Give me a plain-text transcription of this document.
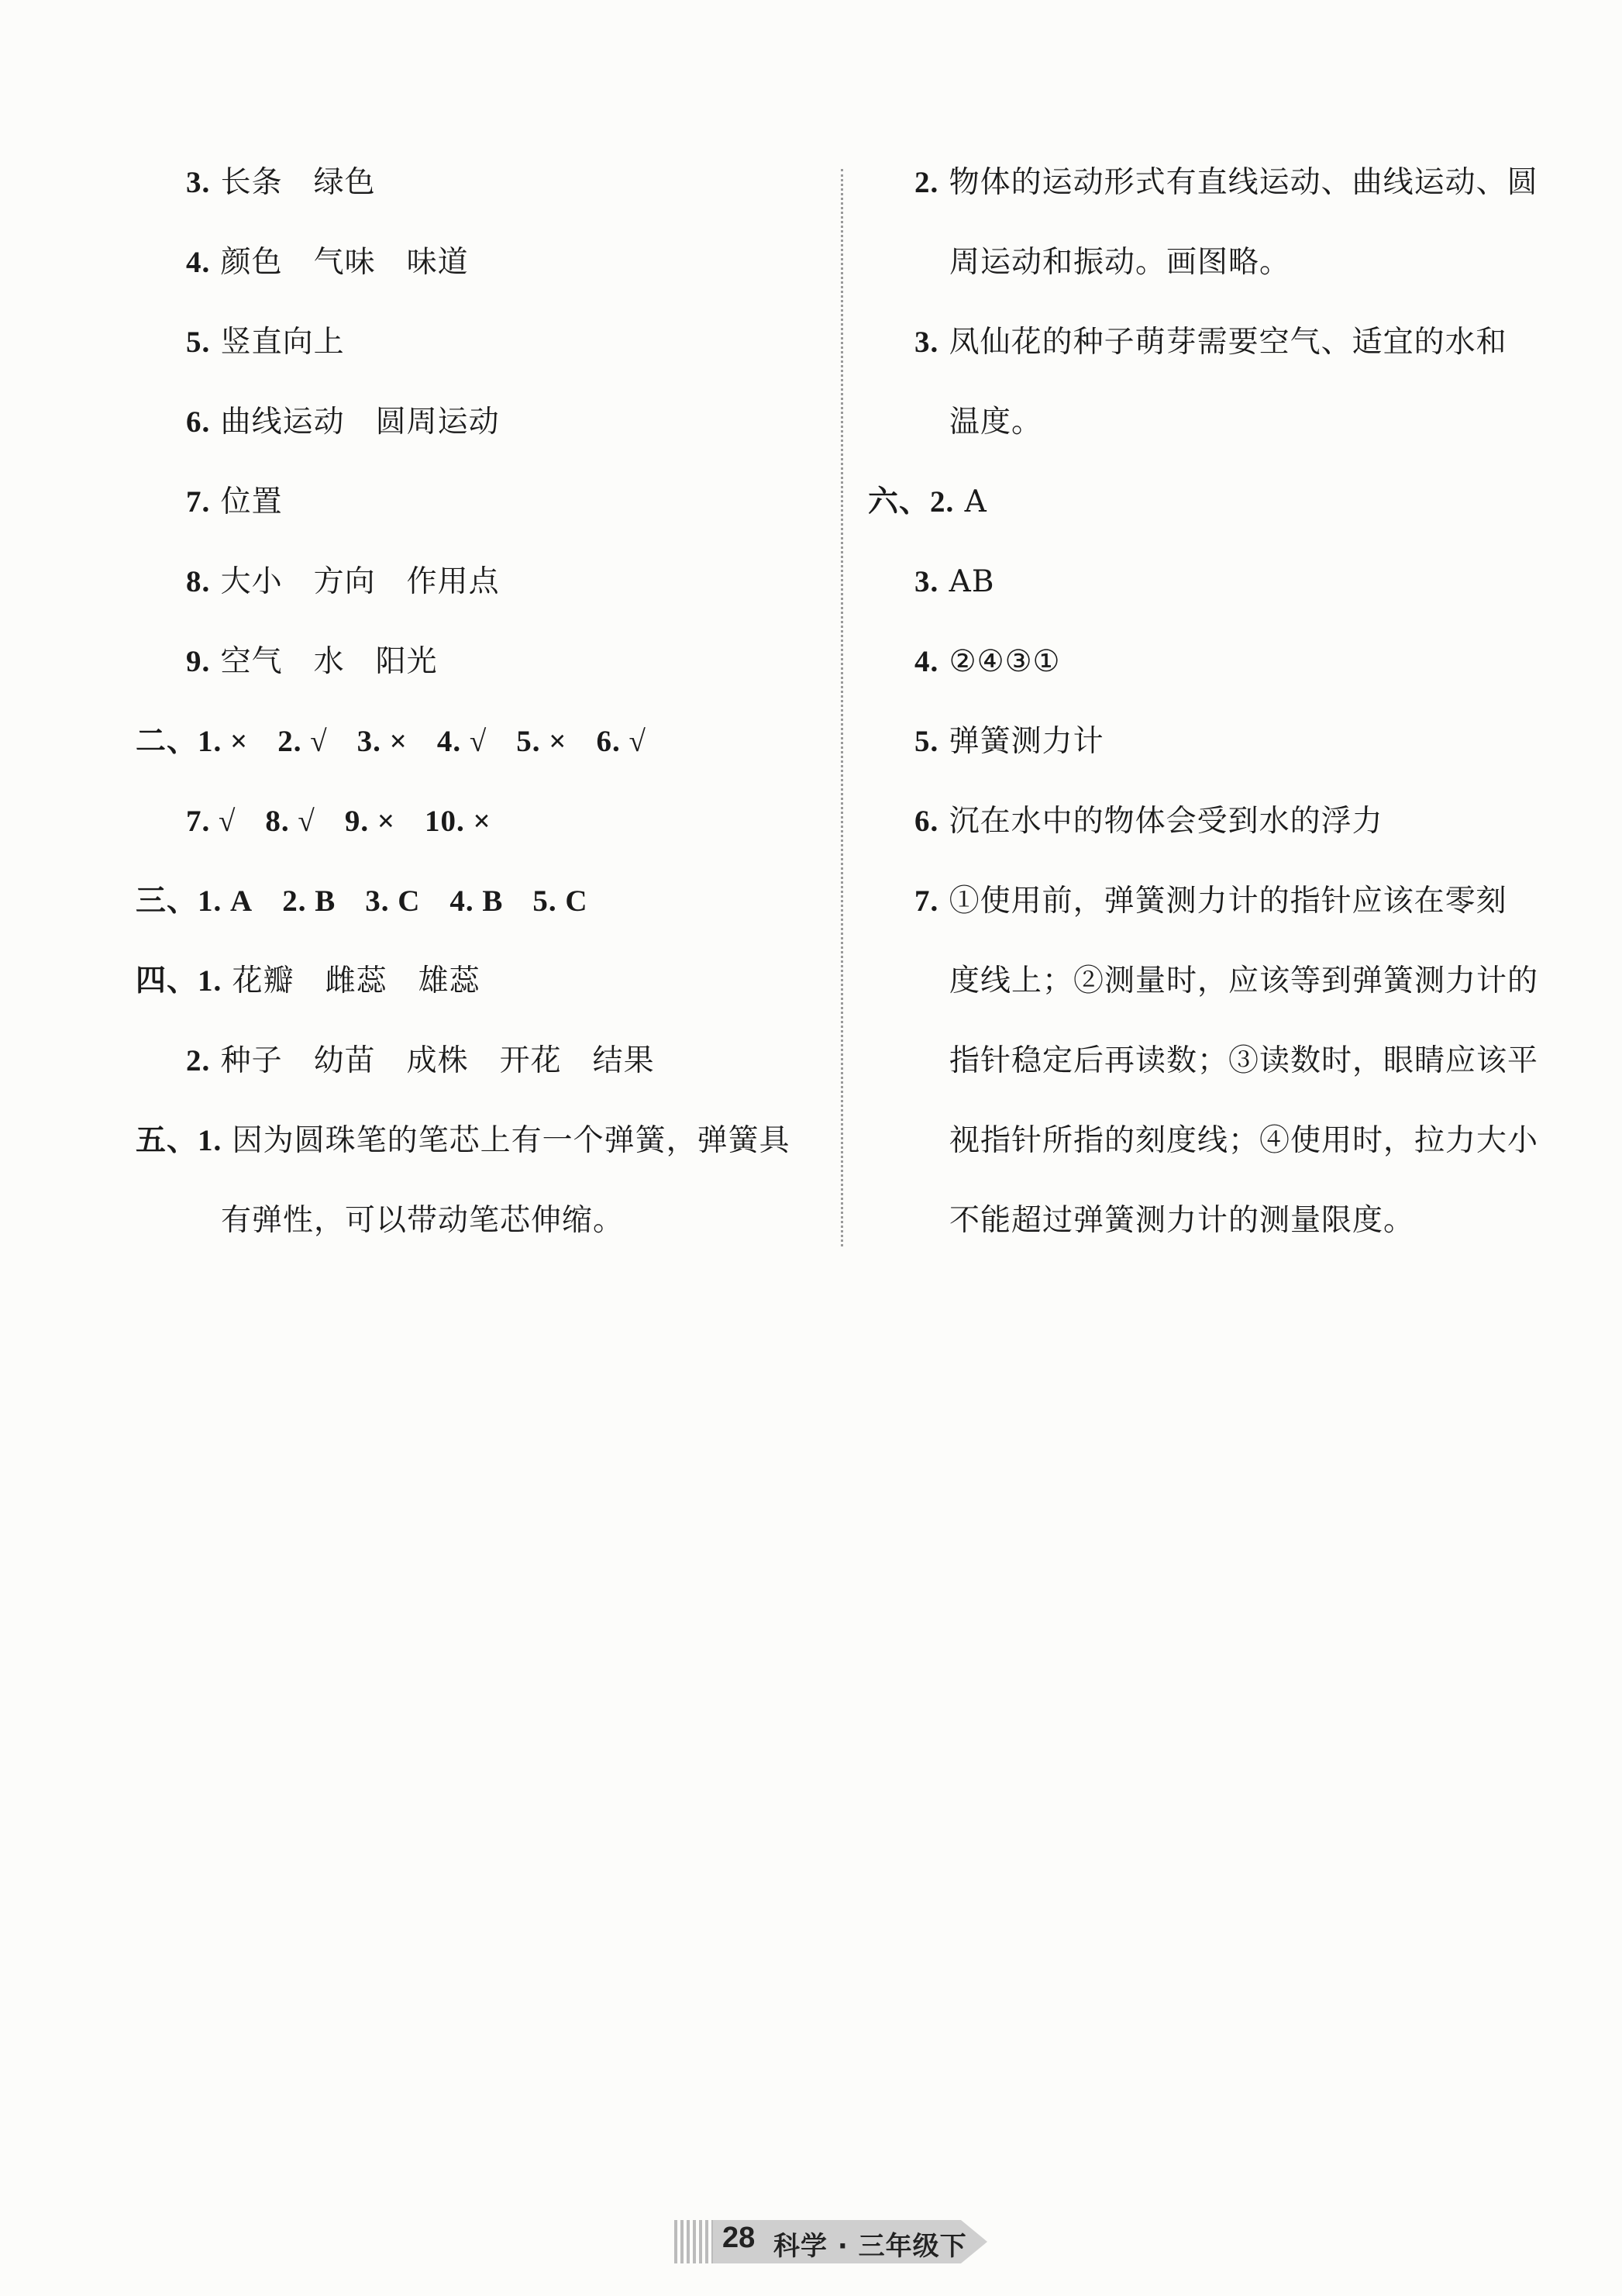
3. 长条　绿色
4. 颜色　气味　味道
5. 竖直向上
6. 曲线运动　圆周运动
7. 位置
8. 大小　方向　作用点
9. 空气　水　阳光
二、1. × 2. √ 3. × 4. √ 5. × 6. √
7. √ 8. √ 9. × 10. ×
三、1. A 2. B 3. C 4. B 5. C
四、1. 花瓣　雌蕊　雄蕊
2. 种子　幼苗　成株　开花　结果
五、1. 因为圆珠笔的笔芯上有一个弹簧，弹簧具
有弹性，可以带动笔芯伸缩。
2. 物体的运动形式有直线运动、曲线运动、圆
周运动和振动。画图略。
3. 凤仙花的种子萌芽需要空气、适宜的水和
温度。
六、2. A
3. AB
4. ②④③①
5. 弹簧测力计
6. 沉在水中的物体会受到水的浮力
7. ①使用前，弹簧测力计的指针应该在零刻
度线上；②测量时，应该等到弹簧测力计的
指针稳定后再读数；③读数时，眼睛应该平
视指针所指的刻度线；④使用时，拉力大小
不能超过弹簧测力计的测量限度。
28 科学 · 三年级下
